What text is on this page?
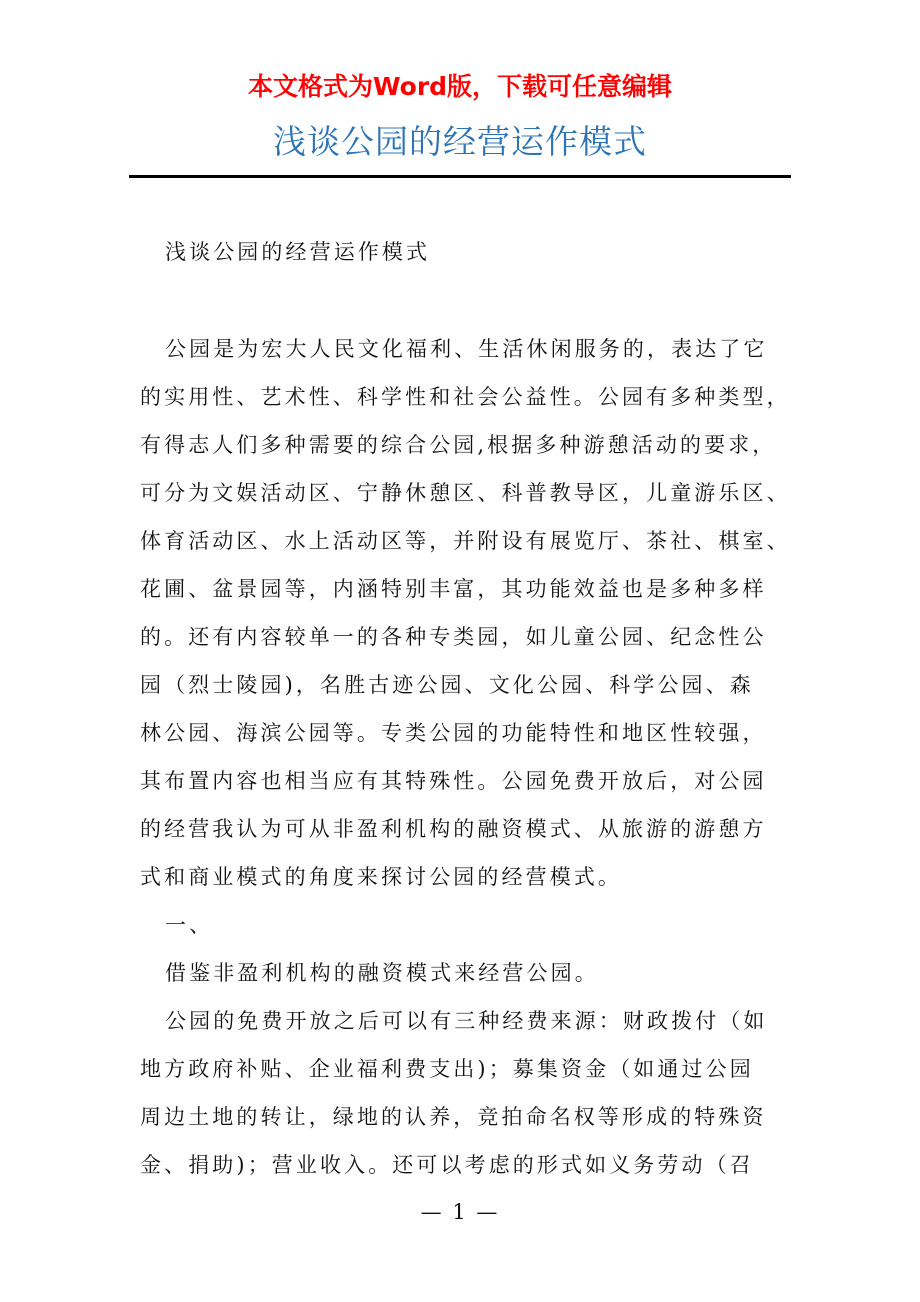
本文格式为Word版，下载可任意编辑
浅谈公园的经营运作模式
浅谈公园的经营运作模式
公园是为宏大人民文化福利、生活休闲服务的，表达了它
的实用性、艺术性、科学性和社会公益性。公园有多种类型，
有得志人们多种需要的综合公园,根据多种游憩活动的要求，
可分为文娱活动区、宁静休憩区、科普教导区，儿童游乐区、
体育活动区、水上活动区等，并附设有展览厅、茶社、棋室、
花圃、盆景园等，内涵特别丰富，其功能效益也是多种多样
的。还有内容较单一的各种专类园，如儿童公园、纪念性公
园（烈士陵园)，名胜古迹公园、文化公园、科学公园、森
林公园、海滨公园等。专类公园的功能特性和地区性较强，
其布置内容也相当应有其特殊性。公园免费开放后，对公园
的经营我认为可从非盈利机构的融资模式、从旅游的游憩方
式和商业模式的角度来探讨公园的经营模式。
一、
借鉴非盈利机构的融资模式来经营公园。
公园的免费开放之后可以有三种经费来源：财政拨付（如
地方政府补贴、企业福利费支出)；募集资金（如通过公园
周边土地的转让，绿地的认养，竞拍命名权等形成的特殊资
金、捐助)；营业收入。还可以考虑的形式如义务劳动（召
— 1 —
